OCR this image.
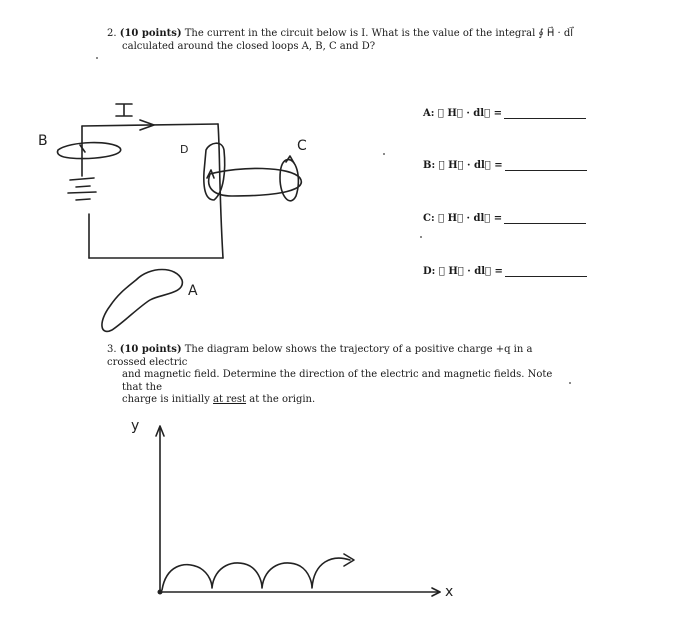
2. (10 points) The current in the circuit below is I. What is the value of the integral ∮ H⃗ · dl⃗
calculated around the closed loops A, B, C and D?
A: ∮ H⃗ · dl⃗ =
B: ∮ H⃗ · dl⃗ =
C: ∮ H⃗ · dl⃗ =
D: ∮ H⃗ · dl⃗ =
B
D	C
A
y
x
3. (10 points) The diagram below shows the trajectory of a positive charge +q in a crossed electric
and magnetic field. Determine the direction of the electric and magnetic fields. Note that the
charge is initially at rest at the origin.
